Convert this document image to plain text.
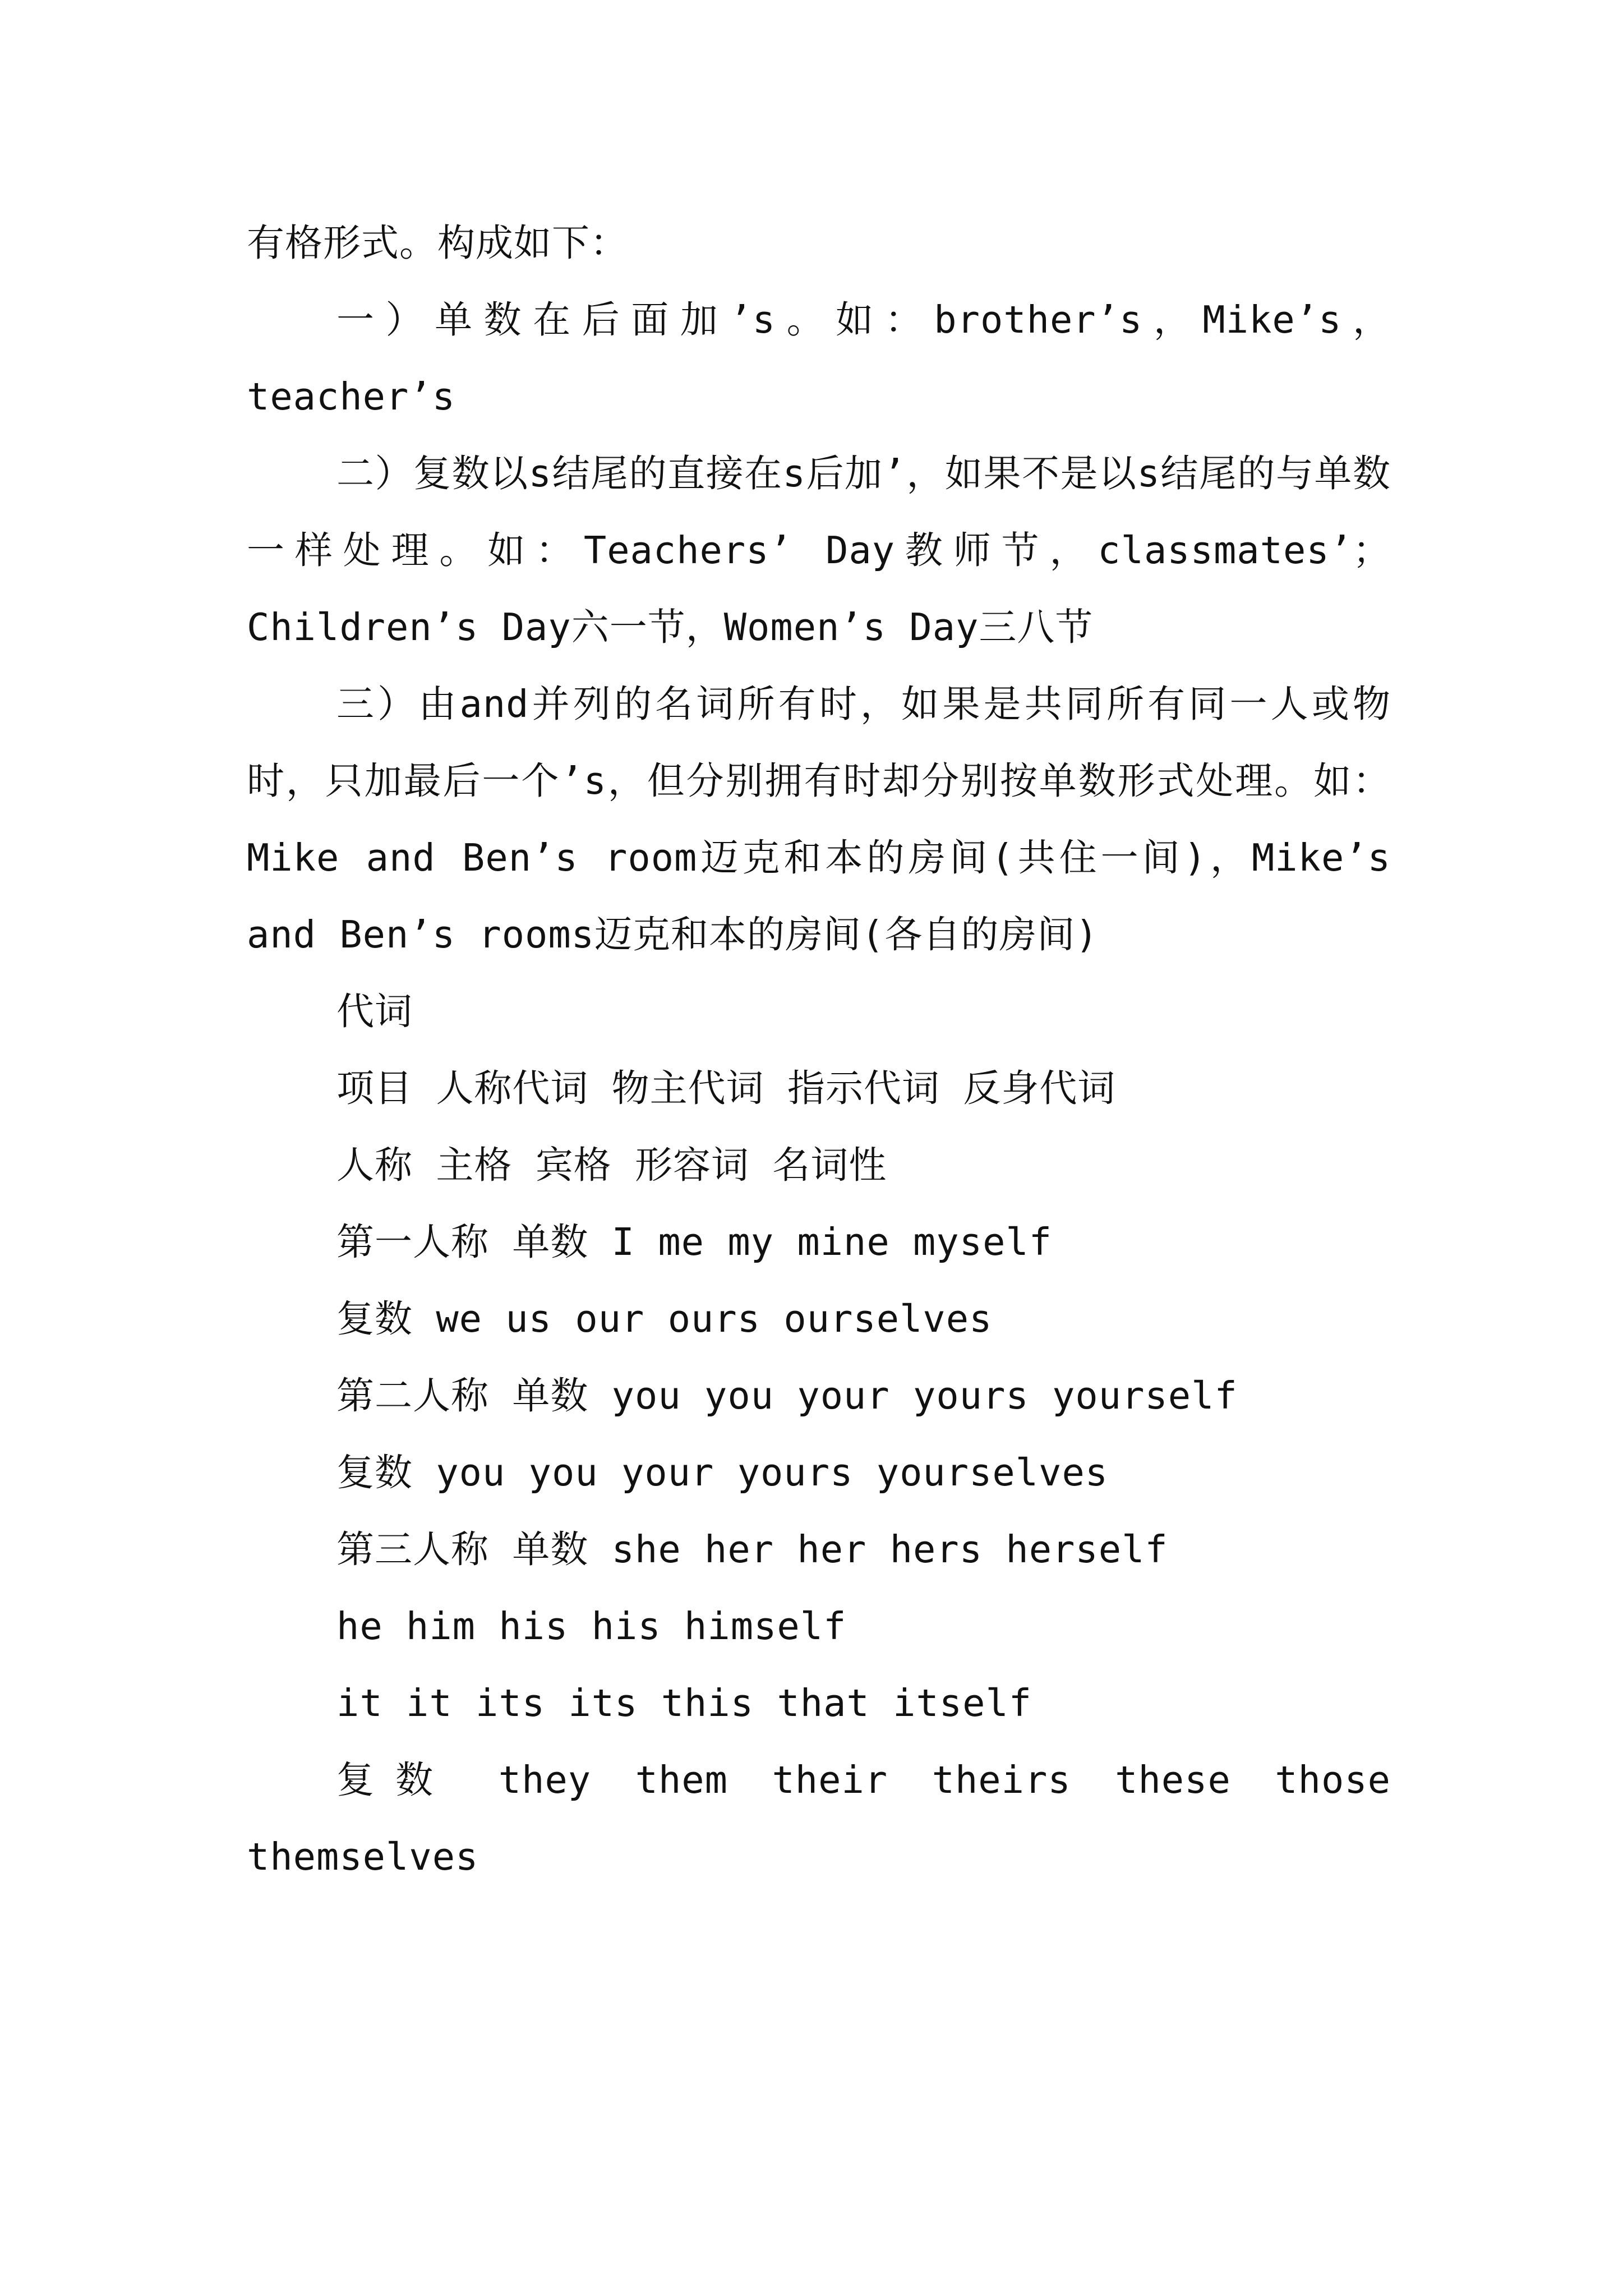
有格形式。构成如下：

一）单数在后面加’s。如：brother’s，Mike’s，teacher’s

二）复数以s结尾的直接在s后加’，如果不是以s结尾的与单数一样处理。如：Teachers’ Day教师节，classmates’；Children’s Day六一节，Women’s Day三八节

三）由and并列的名词所有时，如果是共同所有同一人或物时，只加最后一个’s，但分别拥有时却分别按单数形式处理。如：Mike and Ben’s room迈克和本的房间(共住一间)，Mike’s and Ben’s rooms迈克和本的房间(各自的房间)

代词

项目 人称代词 物主代词 指示代词 反身代词

人称 主格 宾格 形容词 名词性

第一人称 单数 I me my mine myself

复数 we us our ours ourselves

第二人称 单数 you you your yours yourself

复数 you you your yours yourselves

第三人称 单数 she her her hers herself

he him his his himself

it it its its this that itself

复数 they them their theirs these those themselves
